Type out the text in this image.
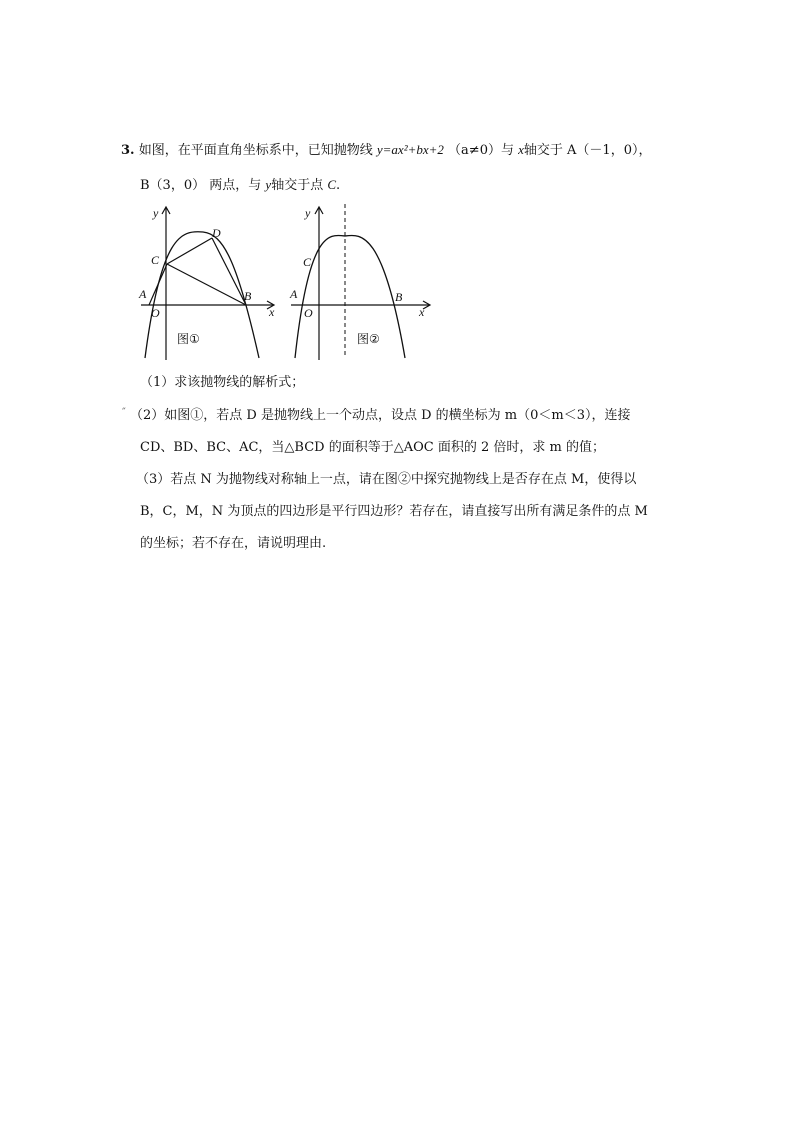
3. 如图，在平面直角坐标系中，已知抛物线 y=ax²+bx+2 （a≠0）与 x轴交于 A（－1，0），
B（3，0） 两点，与 y轴交于点 C.
y
x
A	B
C
D
O
图①
y
x
A	B
C
O
图②
（1）求该抛物线的解析式；
˝ （2）如图①，若点 D 是抛物线上一个动点，设点 D 的横坐标为 m（0＜m＜3），连接
CD、BD、BC、AC，当△BCD 的面积等于△AOC 面积的 2 倍时，求 m 的值；
（3）若点 N 为抛物线对称轴上一点，请在图②中探究抛物线上是否存在点 M，使得以
B，C，M，N 为顶点的四边形是平行四边形？若存在，请直接写出所有满足条件的点 M
的坐标；若不存在，请说明理由.
